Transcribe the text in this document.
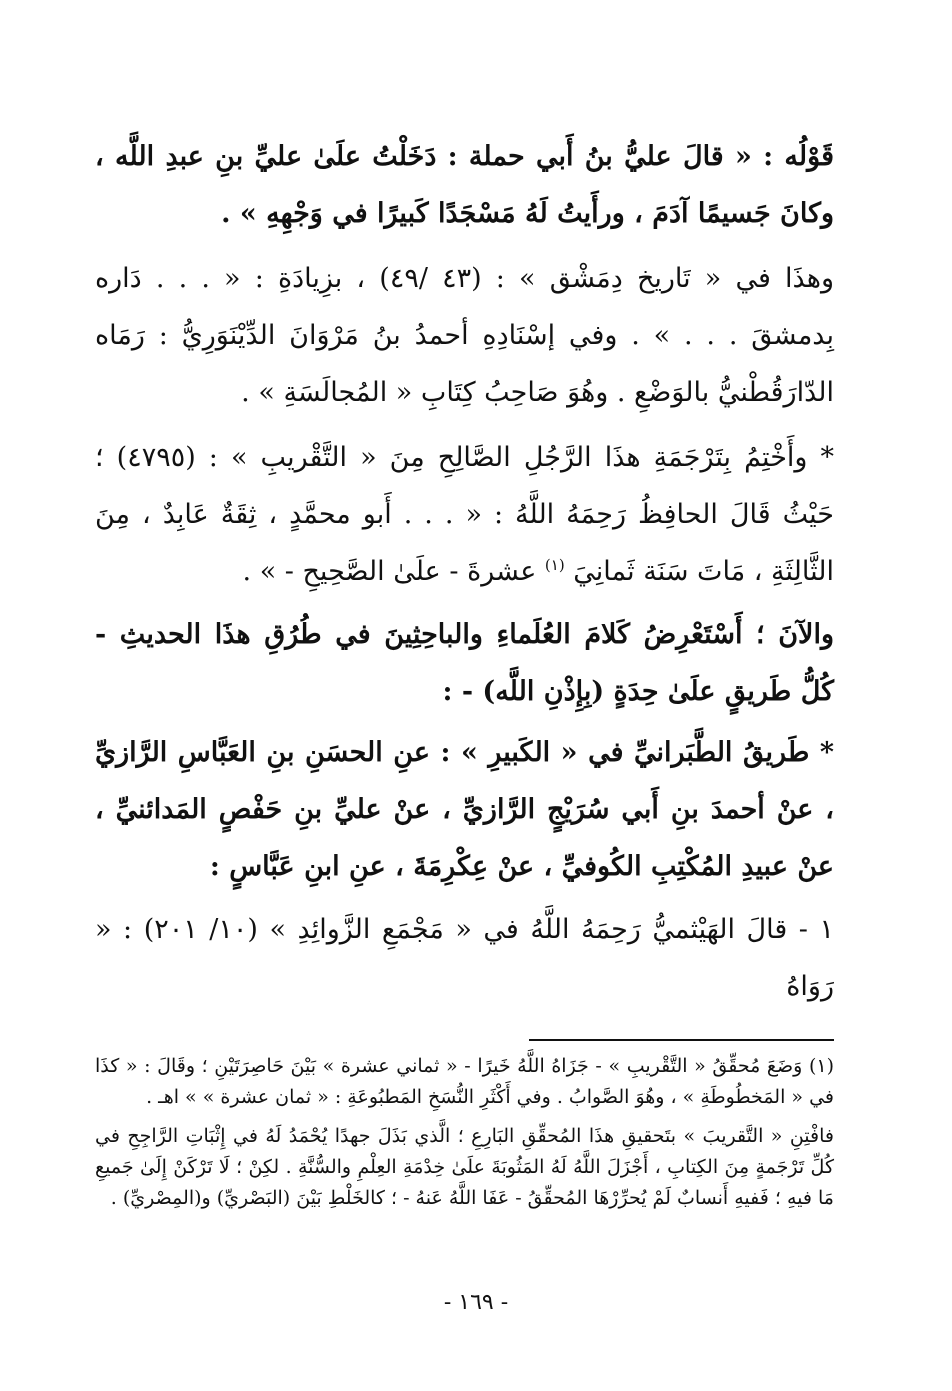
قَوْلُه : « قالَ عليُّ بنُ أَبي حملة : دَخَلْتُ علَىٰ عليِّ بنِ عبدِ اللَّه ، وكانَ جَسيمًا آدَمَ ، ورأَيتُ لَهُ مَسْجَدًا كَبيرًا في وَجْهِهِ » .

وهذَا في « تَاريخ دِمَشْق » : (٤٣ /٤٩) ، بزِيادَةِ : « . . . دَاره بِدمشقَ . . . » . وفي إسْنَادِهِ أحمدُ بنُ مَرْوَانَ الدِّيْنَوَرِيُّ : رَمَاه الدّارَقُطْنيُّ بالوَضْعِ . وهُوَ صَاحِبُ كِتَابِ « المُجالَسَةِ » .

* وأَخْتِمُ بِتَرْجَمَةِ هذَا الرَّجُلِ الصَّالِحِ مِنَ « التَّقْريبِ » : (٤٧٩٥) ؛ حَيْثُ قَالَ الحافِظُ رَحِمَهُ اللَّهُ : « . . . أَبو محمَّدٍ ، ثِقَةٌ عَابِدٌ ، مِنَ الثَّالِثَةِ ، مَاتَ سَنَة ثَمانِيَ $^{(١)}$ عشرةَ - علَىٰ الصَّحِيحِ - » .

والآنَ ؛ أَسْتَعْرِضُ كَلامَ العُلَماءِ والباحِثِينَ في طُرُقِ هذَا الحديثِ - كُلُّ طَريقٍ علَىٰ حِدَةٍ (بِإِذْنِ اللَّه) - :

* طَريقُ الطَّبَرانيِّ في « الكَبيرِ » : عنِ الحسَنِ بنِ العَبَّاسِ الرَّازيِّ ، عنْ أحمدَ بنِ أَبي سُرَيْجٍ الرَّازيِّ ، عنْ عليِّ بنِ حَفْصٍ المَدائنيِّ ، عنْ عبيدِ المُكْتِبِ الكُوفيِّ ، عنْ عِكْرِمَةَ ، عنِ ابنِ عَبَّاسٍ :

١ - قالَ الهَيْثميُّ رَحِمَهُ اللَّهُ في « مَجْمَعِ الزَّوائِدِ » (١٠/ ٢٠١) : « رَوَاهُ

(١) وَضَعَ مُحقِّقُ « التَّقْريبِ » - جَزَاهُ اللَّهُ خَيرًا - « ثماني عشرة » بَيْنَ حَاصِرَتَيْنِ ؛ وقَالَ : « كذَا في « المَخطُوطَةِ » ، وهُوَ الصَّوابُ . وفي أَكْثَرِ النُّسَخِ المَطبُوعَةِ : « ثمان عشرة » » اهـ .

فافْتِنِ « التَّقريبَ » بتَحقيقِ هذَا المُحقِّقِ البَارِعِ ؛ الَّذي بَذَلَ جهدًا يُحْمَدُ لَهُ في إِثْبَاتِ الرَّاجِحِ في كُلِّ تَرْجَمةٍ مِنَ الكِتابِ ، أَجْزَلَ اللَّهُ لَهُ المَثُوبَةَ علَىٰ خِدْمَةِ العِلْمِ والسُّنَّةِ . لكِنْ ؛ لَا تَرْكَنْ إِلَىٰ جَميعِ مَا فيهِ ؛ فَفيهِ أَنسابٌ لَمْ يُحرِّرْهَا المُحقِّقُ - عَفَا اللَّهُ عَنهُ - ؛ كالخَلْطِ بَيْنَ (البَصْريِّ) و(المِصْريِّ) .

- ١٦٩ -
